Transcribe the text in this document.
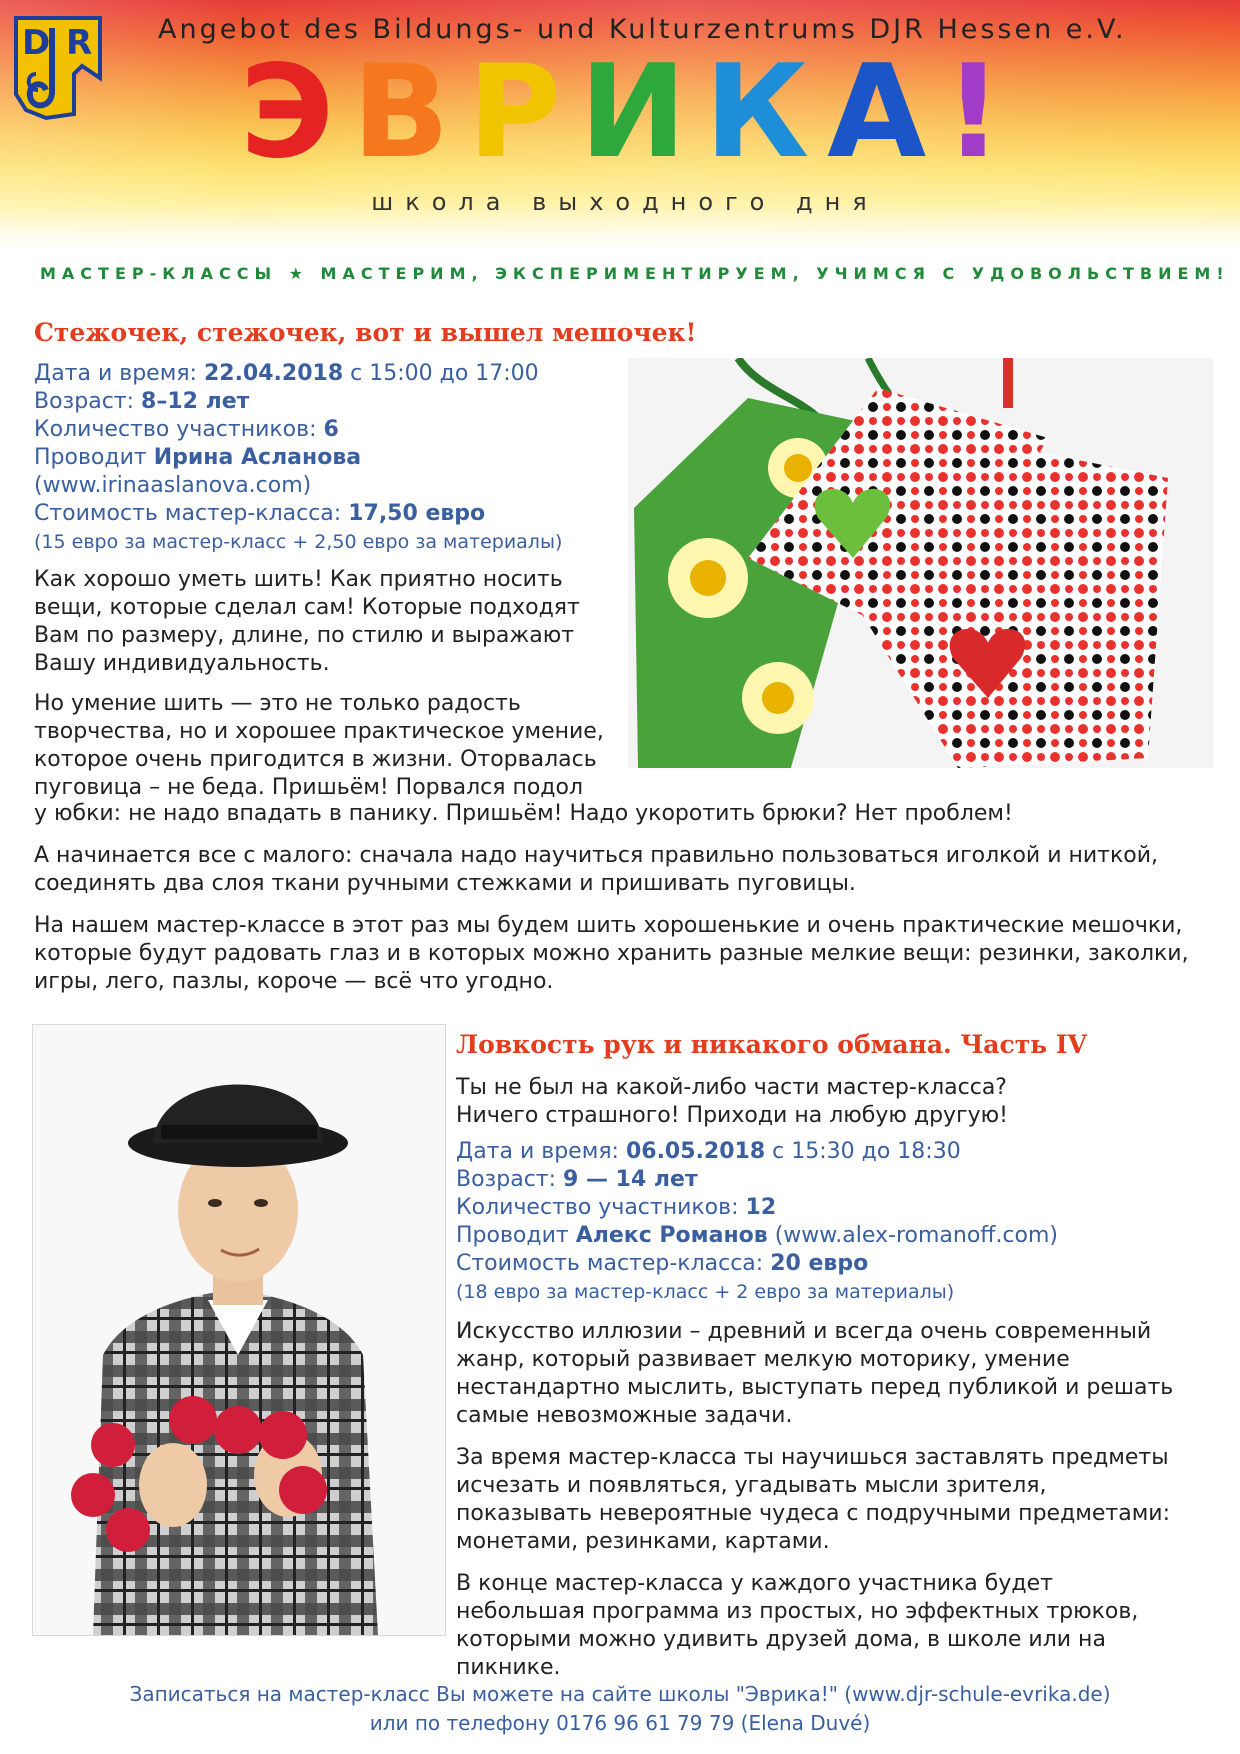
D R Angebot des Bildungs- und Kulturzentrums DJR Hessen e.V.
ЭВРИКА!
школа выходного дня
МАСТЕР-КЛАССЫ ★ МАСТЕРИМ, ЭКСПЕРИМЕНТИРУЕМ, УЧИМСЯ С УДОВОЛЬСТВИЕМ!
Стежочек, стежочек, вот и вышел мешочек!
Дата и время: 22.04.2018 с 15:00 до 17:00
Возраст: 8–12 лет
Количество участников: 6
Проводит Ирина Асланова
(www.irinaaslanova.com)
Стоимость мастер-класса: 17,50 евро
(15 евро за мастер-класс + 2,50 евро за материалы)
Как хорошо уметь шить! Как приятно носить вещи, которые сделал сам! Которые подходят Вам по размеру, длине, по стилю и выражают Вашу индивидуальность.
Но умение шить — это не только радость творчества, но и хорошее практическое умение, которое очень пригодится в жизни. Оторвалась пуговица – не беда. Пришьём! Порвался подол
у юбки: не надо впадать в панику. Пришьём! Надо укоротить брюки? Нет проблем!
А начинается все с малого: сначала надо научиться правильно пользоваться иголкой и ниткой, соединять два слоя ткани ручными стежками и пришивать пуговицы.
На нашем мастер-классе в этот раз мы будем шить хорошенькие и очень практические мешочки, которые будут радовать глаз и в которых можно хранить разные мелкие вещи: резинки, заколки, игры, лего, пазлы, короче — всё что угодно.
Ловкость рук и никакого обмана. Часть IV
Ты не был на какой-либо части мастер-класса? Ничего страшного! Приходи на любую другую!
Дата и время: 06.05.2018 с 15:30 до 18:30
Возраст: 9 — 14 лет
Количество участников: 12
Проводит Алекс Романов (www.alex-romanoff.com)
Стоимость мастер-класса: 20 евро
(18 евро за мастер-класс + 2 евро за материалы)
Искусство иллюзии – древний и всегда очень современный жанр, который развивает мелкую моторику, умение нестандартно мыслить, выступать перед публикой и решать самые невозможные задачи.
За время мастер-класса ты научишься заставлять предметы исчезать и появляться, угадывать мысли зрителя, показывать невероятные чудеса с подручными предметами: монетами, резинками, картами.
В конце мастер-класса у каждого участника будет небольшая программа из простых, но эффектных трюков, которыми можно удивить друзей дома, в школе или на пикнике.
Записаться на мастер-класс Вы можете на сайте школы "Эврика!" (www.djr-schule-evrika.de)
или по телефону 0176 96 61 79 79 (Elena Duvé)
